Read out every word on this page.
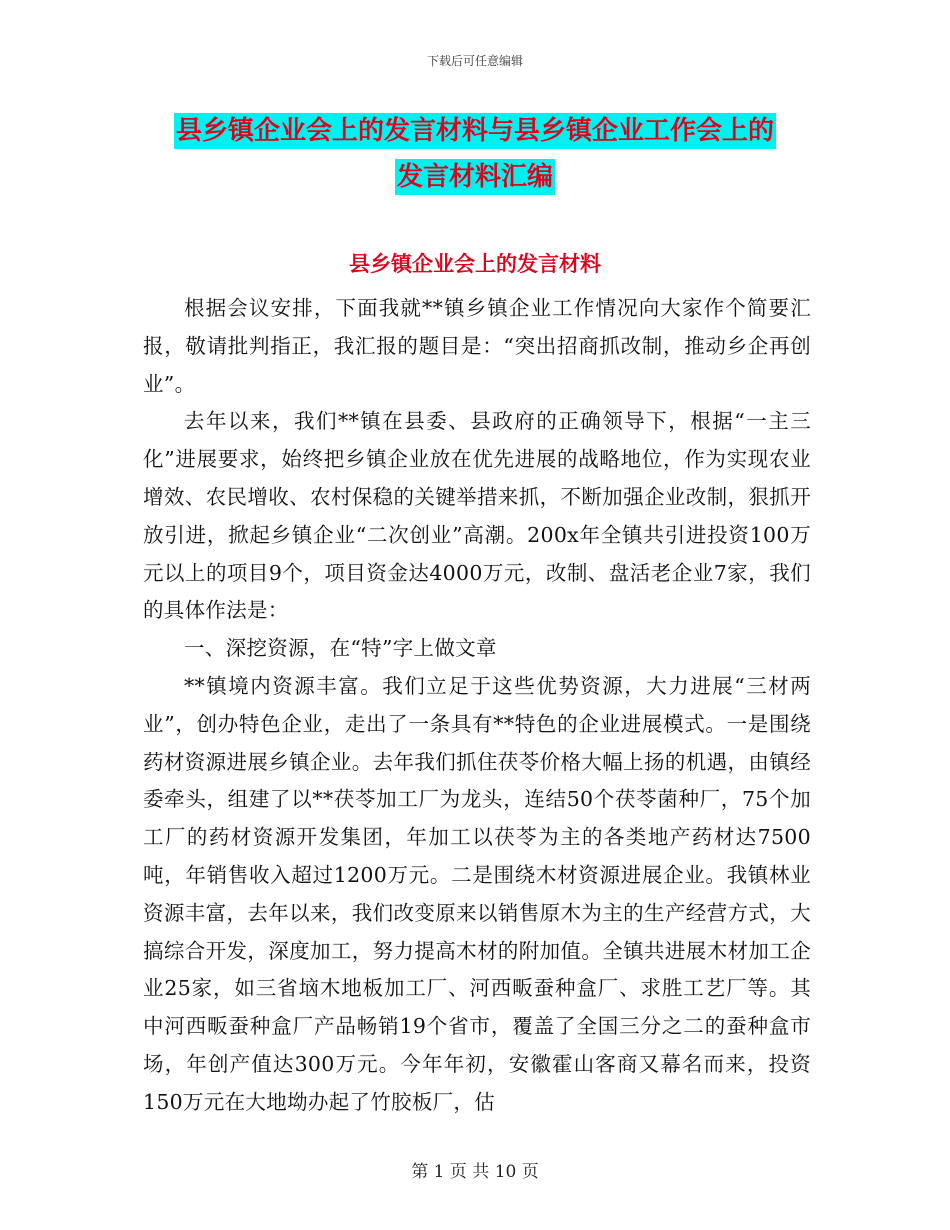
下载后可任意编辑
县乡镇企业会上的发言材料与县乡镇企业工作会上的
发言材料汇编
县乡镇企业会上的发言材料

根据会议安排，下面我就**镇乡镇企业工作情况向大家作个简要汇报，敬请批判指正，我汇报的题目是：“突出招商抓改制，推动乡企再创业”。

去年以来，我们**镇在县委、县政府的正确领导下，根据“一主三化”进展要求，始终把乡镇企业放在优先进展的战略地位，作为实现农业增效、农民增收、农村保稳的关键举措来抓，不断加强企业改制，狠抓开放引进，掀起乡镇企业“二次创业”高潮。200x年全镇共引进投资100万元以上的项目9个，项目资金达4000万元，改制、盘活老企业7家，我们的具体作法是：

一、深挖资源，在“特”字上做文章

**镇境内资源丰富。我们立足于这些优势资源，大力进展“三材两业”，创办特色企业，走出了一条具有**特色的企业进展模式。一是围绕药材资源进展乡镇企业。去年我们抓住茯苓价格大幅上扬的机遇，由镇经委牵头，组建了以**茯苓加工厂为龙头，连结50个茯苓菌种厂，75个加工厂的药材资源开发集团，年加工以茯苓为主的各类地产药材达7500吨，年销售收入超过1200万元。二是围绕木材资源进展企业。我镇林业资源丰富，去年以来，我们改变原来以销售原木为主的生产经营方式，大搞综合开发，深度加工，努力提高木材的附加值。全镇共进展木材加工企业25家，如三省垴木地板加工厂、河西畈蚕种盒厂、求胜工艺厂等。其中河西畈蚕种盒厂产品畅销19个省市，覆盖了全国三分之二的蚕种盒市场，年创产值达300万元。今年年初，安徽霍山客商又幕名而来，投资150万元在大地坳办起了竹胶板厂，估

第 1 页 共 10 页
